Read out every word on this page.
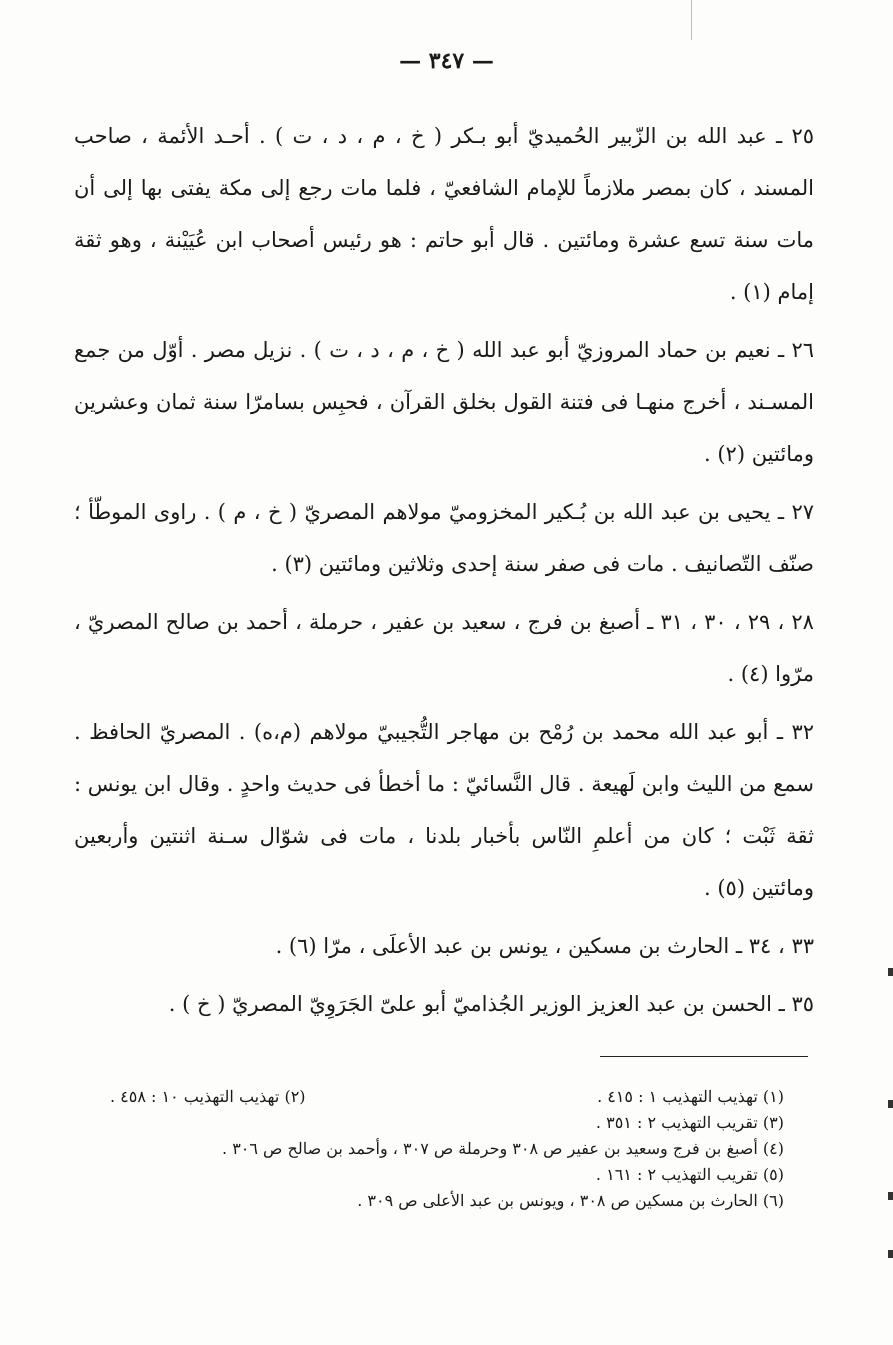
— ٣٤٧ —

٢٥ ـ عبد الله بن الزّبير الحُميديّ أبو بـكر ( خ ، م ، د ، ت ) . أحـد الأئمة ، صاحب المسند ، كان بمصر ملازماً للإمام الشافعيّ ، فلما مات رجع إلى مكة يفتى بها إلى أن مات سنة تسع عشرة ومائتين . قال أبو حاتم : هو رئيس أصحاب ابن عُيَيْنة ، وهو ثقة إمام (١) .

٢٦ ـ نعيم بن حماد المروزيّ أبو عبد الله ( خ ، م ، د ، ت ) . نزيل مصر . أوّل من جمع المسـند ، أخرج منهـا فى فتنة القول بخلق القرآن ، فحبِس بسامرّا سنة ثمان وعشرين ومائتين (٢) .

٢٧ ـ يحيى بن عبد الله بن بُـكير المخزوميّ مولاهم المصريّ ( خ ، م ) . راوى الموطّأ ؛ صنّف التّصانيف . مات فى صفر سنة إحدى وثلاثين ومائتين (٣) .

٢٨ ، ٢٩ ، ٣٠ ، ٣١ ـ أصبغ بن فرج ، سعيد بن عفير ، حرملة ، أحمد بن صالح المصريّ ، مرّوا (٤) .

٣٢ ـ أبو عبد الله محمد بن رُمْح بن مهاجر التُّجيبيّ مولاهم (م،ه) . المصريّ الحافظ . سمع من الليث وابن لَهيعة . قال النَّسائيّ : ما أخطأ فى حديث واحدٍ . وقال ابن يونس : ثقة ثَبْت ؛ كان من أعلمِ النّاس بأخبار بلدنا ، مات فى شوّال سـنة اثنتين وأربعين ومائتين (٥) .

٣٣ ، ٣٤ ـ الحارث بن مسكين ، يونس بن عبد الأعلَى ، مرّا (٦) .

٣٥ ـ الحسن بن عبد العزيز الوزير الجُذاميّ أبو علىّ الجَرَوِيّ المصريّ ( خ ) .

(١) تهذيب التهذيب ١ : ٤١٥ .
(٢) تهذيب التهذيب ١٠ : ٤٥٨ .
(٣) تقريب التهذيب ٢ : ٣٥١ .
(٤) أصبغ بن فرج وسعيد بن عفير ص ٣٠٨ وحرملة ص ٣٠٧ ، وأحمد بن صالح ص ٣٠٦ .
(٥) تقريب التهذيب ٢ : ١٦١ .
(٦) الحارث بن مسكين ص ٣٠٨ ، ويونس بن عبد الأعلى ص ٣٠٩ .
